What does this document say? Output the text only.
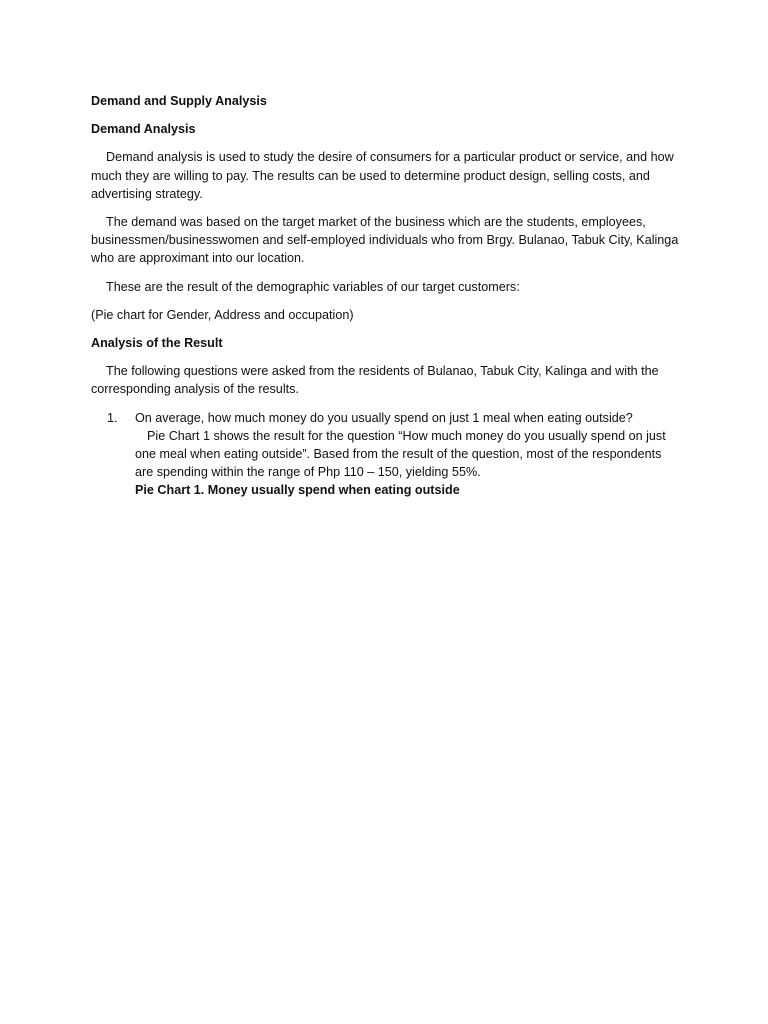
Demand and Supply Analysis

Demand Analysis

Demand analysis is used to study the desire of consumers for a particular product or service, and how much they are willing to pay. The results can be used to determine product design, selling costs, and advertising strategy.

The demand was based on the target market of the business which are the students, employees, businessmen/businesswomen and self-employed individuals who from Brgy. Bulanao, Tabuk City, Kalinga who are approximant into our location.

These are the result of the demographic variables of our target customers:

(Pie chart for Gender, Address and occupation)

Analysis of the Result

The following questions were asked from the residents of Bulanao, Tabuk City, Kalinga and with the corresponding analysis of the results.

1.	On average, how much money do you usually spend on just 1 meal when eating outside?

Pie Chart 1 shows the result for the question “How much money do you usually spend on just one meal when eating outside”. Based from the result of the question, most of the respondents are spending within the range of Php 110 – 150, yielding 55%.

Pie Chart 1. Money usually spend when eating outside
